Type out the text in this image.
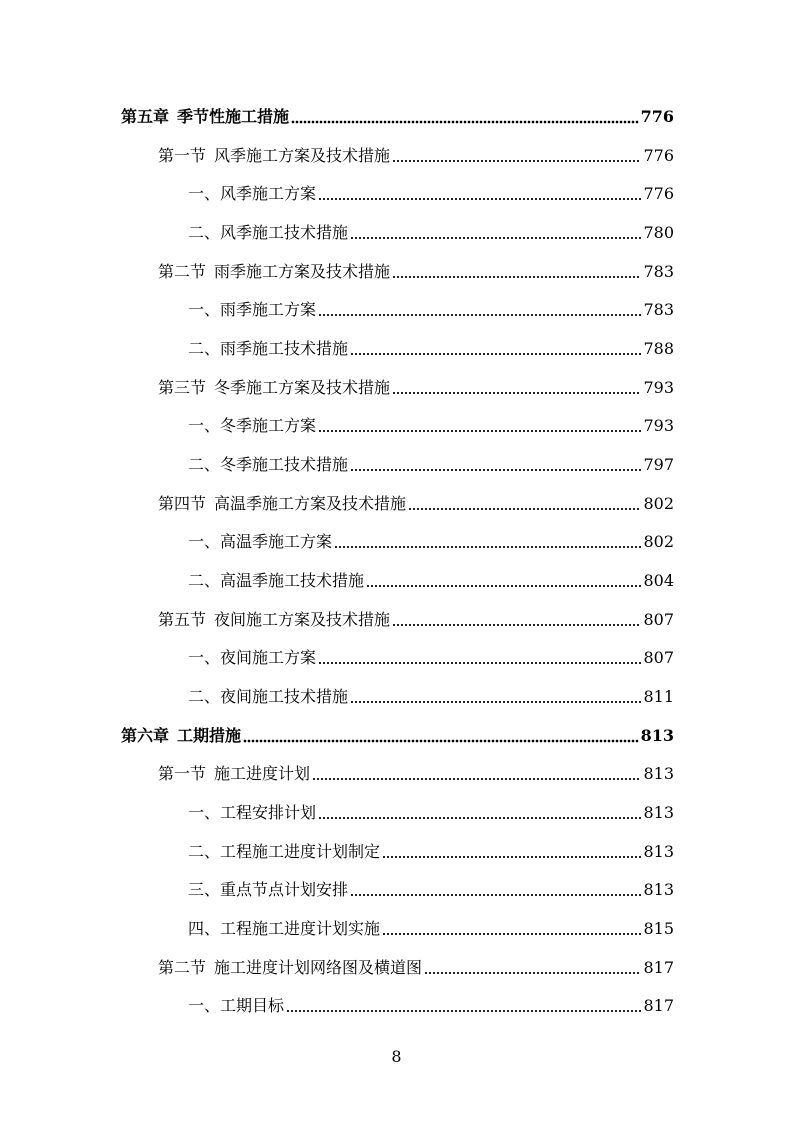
第五章 季节性施工措施	776
第一节 风季施工方案及技术措施	776
一、风季施工方案	776
二、风季施工技术措施	780
第二节 雨季施工方案及技术措施	783
一、雨季施工方案	783
二、雨季施工技术措施	788
第三节 冬季施工方案及技术措施	793
一、冬季施工方案	793
二、冬季施工技术措施	797
第四节 高温季施工方案及技术措施	802
一、高温季施工方案	802
二、高温季施工技术措施	804
第五节 夜间施工方案及技术措施	807
一、夜间施工方案	807
二、夜间施工技术措施	811
第六章 工期措施	813
第一节 施工进度计划	813
一、工程安排计划	813
二、工程施工进度计划制定	813
三、重点节点计划安排	813
四、工程施工进度计划实施	815
第二节 施工进度计划网络图及横道图	817
一、工期目标	817
8
